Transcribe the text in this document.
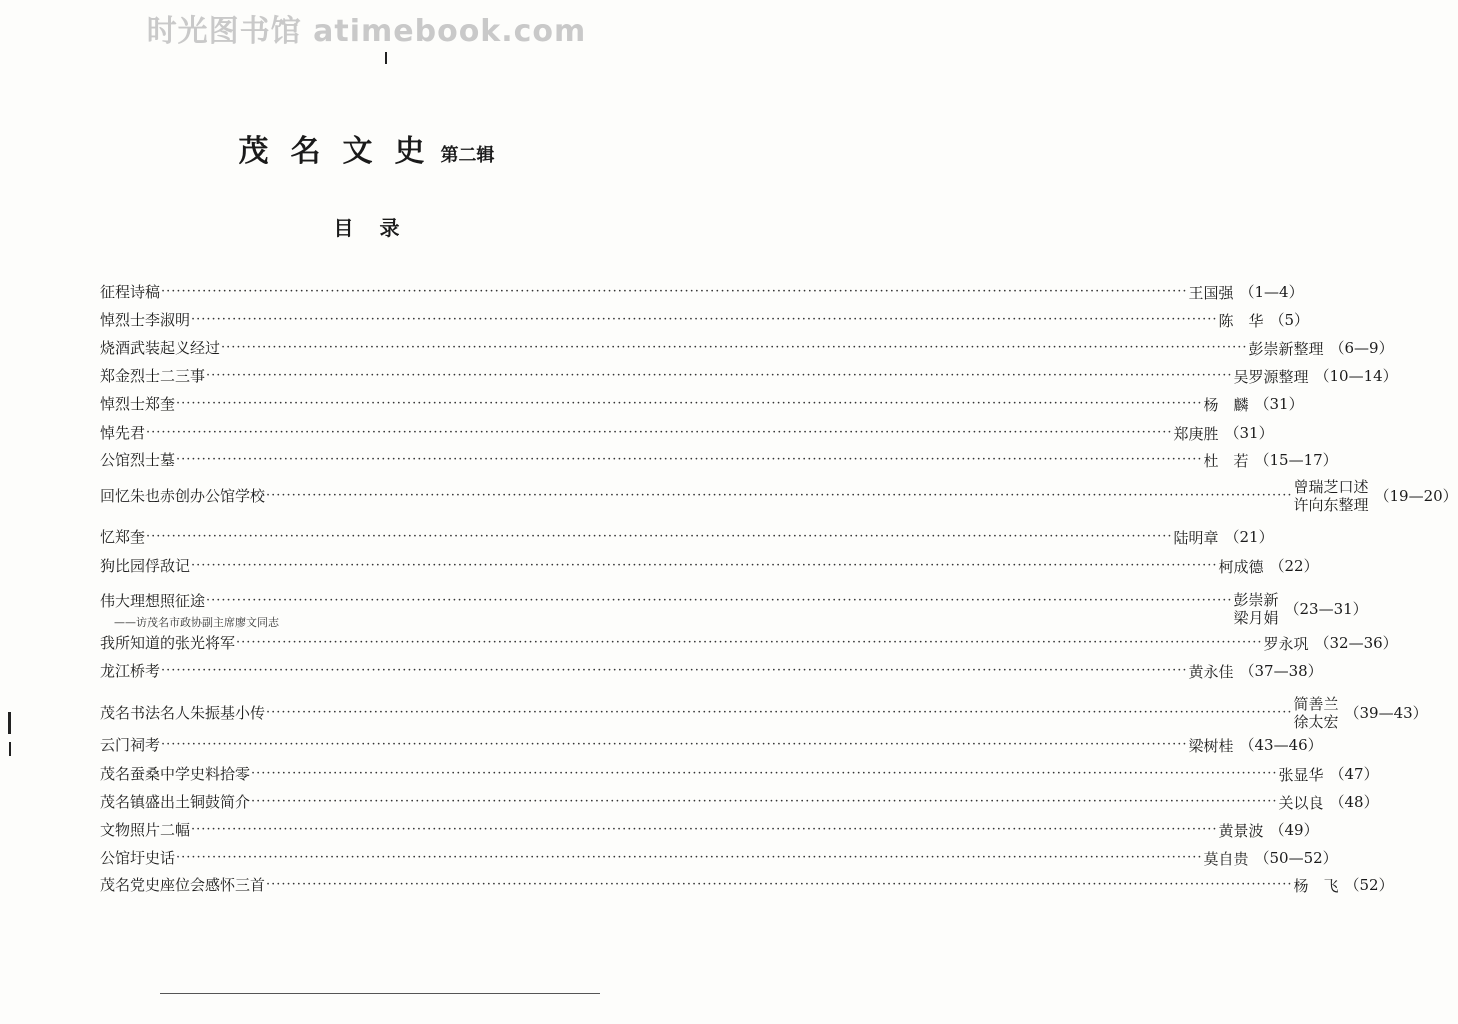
时光图书馆 atimebook.com
茂名文史第二辑
目录
征程诗稿 ········································································································································································································ 王国强 （1—4）
悼烈士李淑明 ········································································································································································································ 陈　华 （5）
烧酒武装起义经过 ········································································································································································································ 彭崇新整理 （6—9）
郑金烈士二三事 ········································································································································································································ 吴罗源整理 （10—14）
悼烈士郑奎 ········································································································································································································ 杨　麟 （31）
悼先君 ········································································································································································································ 郑庚胜 （31）
公馆烈士墓 ········································································································································································································ 杜　若 （15—17）
回忆朱也赤创办公馆学校 ········································································································································································································ 曾瑞芝口述
许向东整理 （19—20）
忆郑奎 ········································································································································································································ 陆明章 （21）
狗比园俘敌记 ········································································································································································································ 柯成德 （22）
伟大理想照征途 ········································································································································································································ 彭崇新
梁月娟 （23—31）
——访茂名市政协副主席廖文同志
我所知道的张光将军 ········································································································································································································ 罗永巩 （32—36）
龙江桥考 ········································································································································································································ 黄永佳 （37—38）
茂名书法名人朱振基小传 ········································································································································································································ 简善兰
徐太宏 （39—43）
云门祠考 ········································································································································································································ 梁树桂 （43—46）
茂名蚕桑中学史料拾零 ········································································································································································································ 张显华 （47）
茂名镇盛出土铜鼓简介 ········································································································································································································ 关以良 （48）
文物照片二幅 ········································································································································································································ 黄景波 （49）
公馆圩史话 ········································································································································································································ 莫自贵 （50—52）
茂名党史座位会感怀三首 ········································································································································································································ 杨　飞 （52）
